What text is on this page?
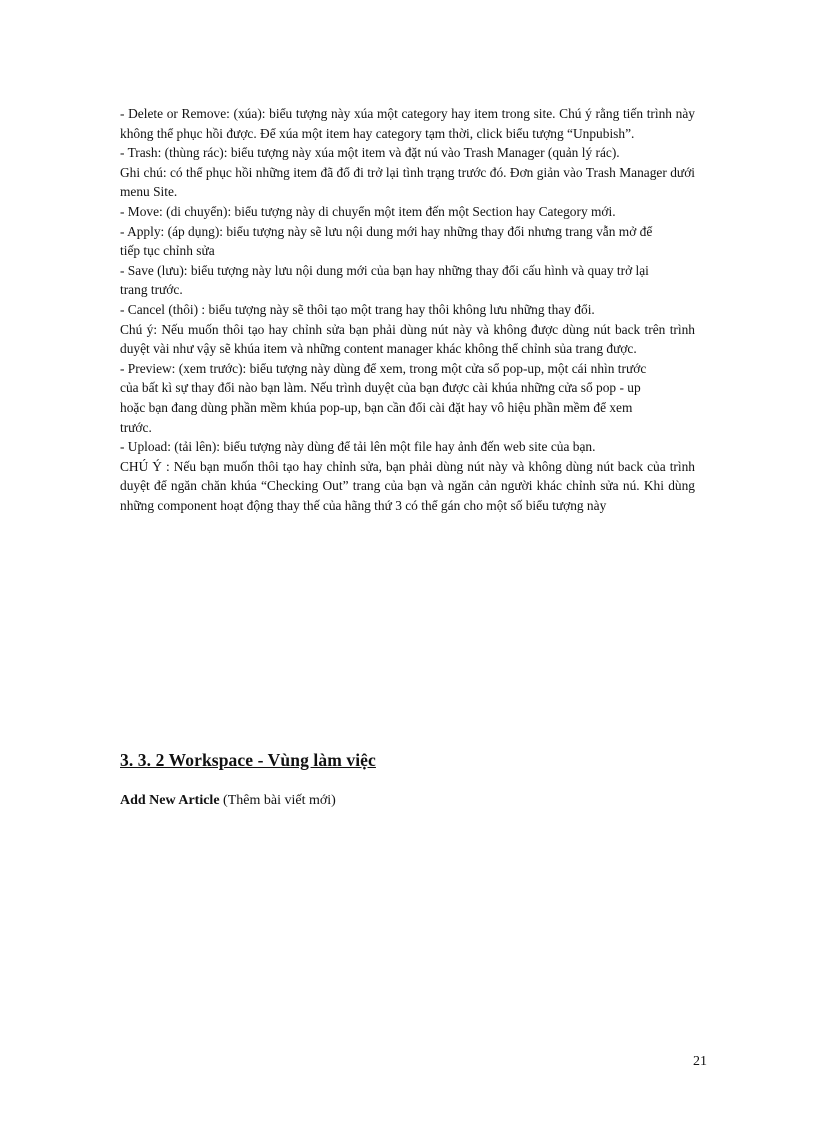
- Delete or Remove: (xúa): biểu tượng này xúa một category hay item trong site. Chú ý rằng tiến trình này không thể phục hồi được. Để xúa một item hay category tạm thời, click biểu tượng “Unpubish”.

- Trash: (thùng rác): biểu tượng này xúa một item và đặt nú vào Trash Manager (quản lý rác).

Ghi chú: có thể phục hồi những item đã đổ đi trở lại tình trạng trước đó. Đơn giản vào Trash Manager dưới menu Site.

- Move: (di chuyển): biểu tượng này di chuyển một item đến một Section hay Category mới.

- Apply: (áp dụng): biểu tượng này sẽ lưu nội dung mới hay những thay đổi nhưng trang vẫn mở để

tiếp tục chỉnh sửa

- Save (lưu): biểu tượng này lưu nội dung mới của bạn hay những thay đổi cấu hình và quay trở lại

trang trước.

- Cancel (thôi) : biểu tượng này sẽ thôi tạo một trang hay thôi không lưu những thay đổi.

Chú ý: Nếu muốn thôi tạo hay chỉnh sửa bạn phải dùng nút này và không được dùng nút back trên trình duyệt vài như vậy sẽ khúa item và những content manager khác không thể chỉnh sủa trang được.

- Preview: (xem trước): biểu tượng này dùng để xem, trong một cửa sổ pop-up, một cái nhìn trước

của bất kì sự thay đổi nào bạn làm. Nếu trình duyệt của bạn được cài khúa những cửa sổ pop - up

hoặc bạn đang dùng phần mềm khúa pop-up, bạn cần đổi cài đặt hay vô hiệu phần mềm để xem

trước.

- Upload: (tải lên): biểu tượng này dùng để tải lên một file hay ảnh đến web site của bạn.

CHÚ Ý : Nếu bạn muốn thôi tạo hay chỉnh sửa, bạn phải dùng nút này và không dùng nút back của trình duyệt để ngăn chăn khúa “Checking Out” trang của bạn và ngăn cản người khác chỉnh sửa nú. Khi dùng những component hoạt động thay thế của hãng thứ 3 có thể gán cho một số biểu tượng này

3. 3. 2 Workspace - Vùng làm việc
Add New Article (Thêm bài viết mới)
21
